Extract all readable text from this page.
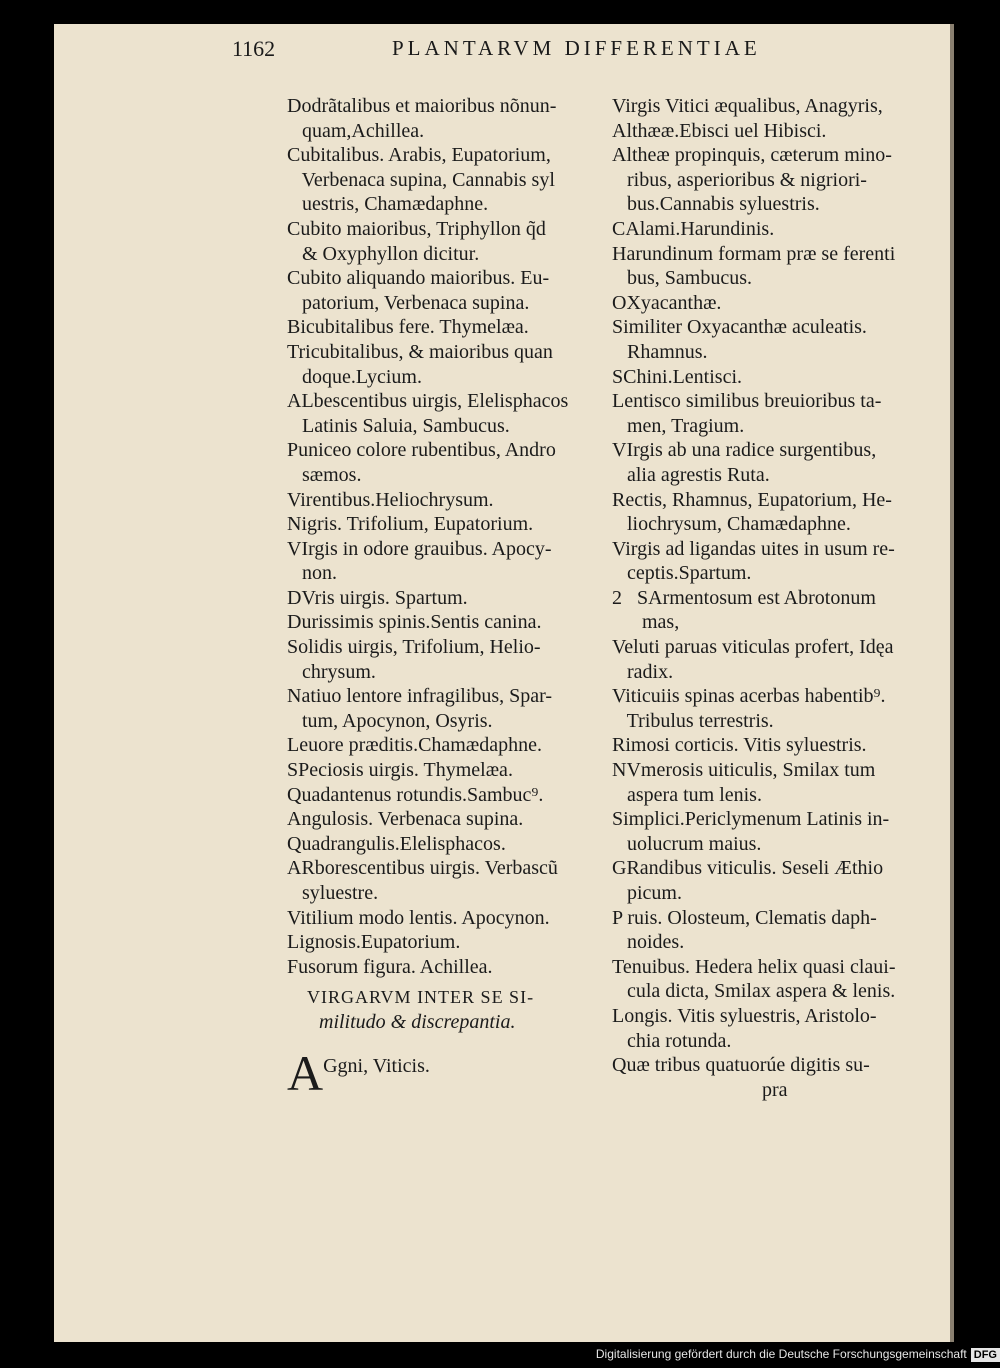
1162	PLANTARVM DIFFERENTIAE
Dodrãtalibus et maioribus nõnun-
quam,Achillea.
Cubitalibus. Arabis, Eupatorium,
Verbenaca supina, Cannabis syl
uestris, Chamædaphne.
Cubito maioribus, Triphyllon q̃d
& Oxyphyllon dicitur.
Cubito aliquando maioribus. Eu-
patorium, Verbenaca supina.
Bicubitalibus fere. Thymelæa.
Tricubitalibus, & maioribus quan
doque.Lycium.
ALbescentibus uirgis, Elelisphacos
Latinis Saluia, Sambucus.
Puniceo colore rubentibus, Andro
sæmos.
Virentibus.Heliochrysum.
Nigris. Trifolium, Eupatorium.
VIrgis in odore grauibus. Apocy-
non.
DVris uirgis. Spartum.
Durissimis spinis.Sentis canina.
Solidis uirgis, Trifolium, Helio-
chrysum.
Natiuo lentore infragilibus, Spar-
tum, Apocynon, Osyris.
Leuore præditis.Chamædaphne.
SPeciosis uirgis. Thymelæa.
Quadantenus rotundis.Sambuc⁹.
Angulosis. Verbenaca supina.
Quadrangulis.Elelisphacos.
ARborescentibus uirgis. Verbascũ
syluestre.
Vitilium modo lentis. Apocynon.
Lignosis.Eupatorium.
Fusorum figura. Achillea.
VIRGARVM INTER SE SI-
militudo & discrepantia.
$A^{Ggni, Viticis.}$
Virgis Vitici æqualibus, Anagyris,
Althææ.Ebisci uel Hibisci.
Altheæ propinquis, cæterum mino-
ribus, asperioribus & nigriori-
bus.Cannabis syluestris.
CAlami.Harundinis.
Harundinum formam præ se ferenti
bus, Sambucus.
OXyacanthæ.
Similiter Oxyacanthæ aculeatis.
Rhamnus.
SChini.Lentisci.
Lentisco similibus breuioribus ta-
men, Tragium.
VIrgis ab una radice surgentibus,
alia agrestis Ruta.
Rectis, Rhamnus, Eupatorium, He-
liochrysum, Chamædaphne.
Virgis ad ligandas uites in usum re-
ceptis.Spartum.
2   SArmentosum est Abrotonum
mas,
Veluti paruas viticulas profert, Idęa
radix.
Viticuiis spinas acerbas habentib⁹.
Tribulus terrestris.
Rimosi corticis. Vitis syluestris.
NVmerosis uiticulis, Smilax tum
aspera tum lenis.
Simplici.Periclymenum Latinis in-
uolucrum maius.
GRandibus viticulis. Seseli Æthio
picum.
P ruis. Olosteum, Clematis daph-
noides.
Tenuibus. Hedera helix quasi claui-
cula dicta, Smilax aspera & lenis.
Longis. Vitis syluestris, Aristolo-
chia rotunda.
Quæ tribus quatuorúe digitis su-
pra
Digitalisierung gefördert durch die Deutsche Forschungsgemeinschaft DFG
